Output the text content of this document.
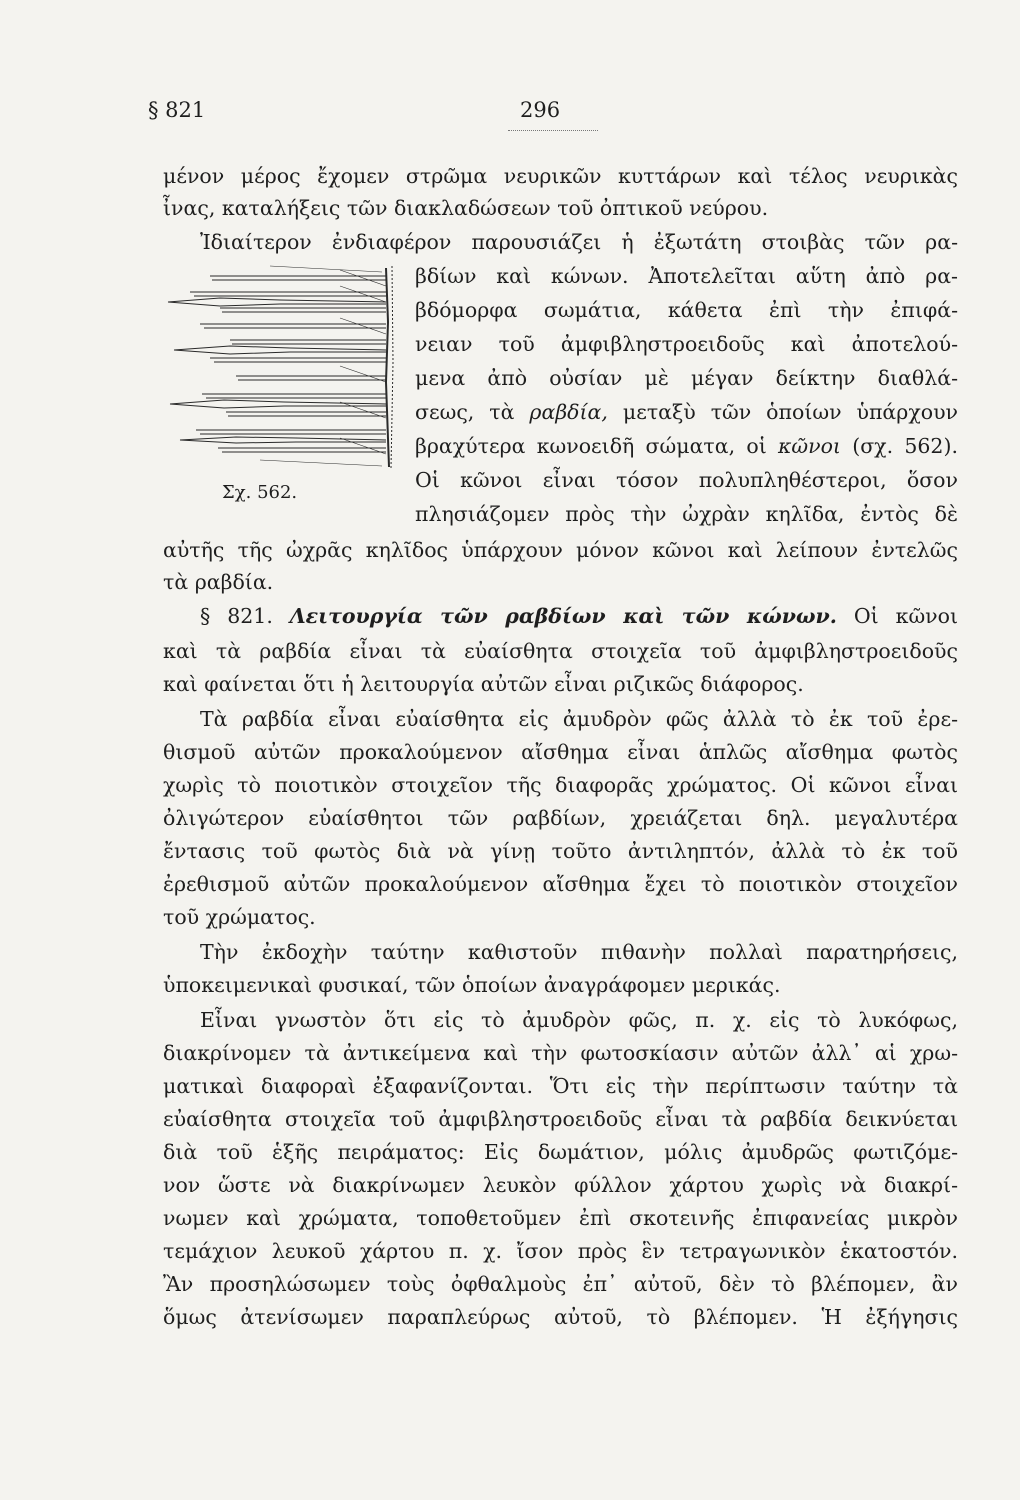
§ 821	296
μένον μέρος ἔχομεν στρῶμα νευρικῶν κυττάρων καὶ τέλος νευρικὰς
ἶνας, καταλήξεις τῶν διακλαδώσεων τοῦ ὀπτικοῦ νεύρου.
Ἰδιαίτερον ἐνδιαφέρον παρουσιάζει ἡ ἐξωτάτη στοιβὰς τῶν ρα-
βδίων καὶ κώνων. Ἀποτελεῖται αὕτη ἀπὸ ρα-
βδόμορφα σωμάτια, κάθετα ἐπὶ τὴν ἐπιφά-
νειαν τοῦ ἀμφιβληστροειδοῦς καὶ ἀποτελού-
μενα ἀπὸ οὐσίαν μὲ μέγαν δείκτην διαθλά-
σεως, τὰ ραβδία, μεταξὺ τῶν ὁποίων ὑπάρχουν
βραχύτερα κωνοειδῆ σώματα, οἱ κῶνοι (σχ. 562).
Οἱ κῶνοι εἶναι τόσον πολυπληθέστεροι, ὅσον
πλησιάζομεν πρὸς τὴν ὠχρὰν κηλῖδα, ἐντὸς δὲ
αὐτῆς τῆς ὠχρᾶς κηλῖδος ὑπάρχουν μόνον κῶνοι καὶ λείπουν ἐντελῶς
τὰ ραβδία.
§ 821. Λειτουργία τῶν ραβδίων καὶ τῶν κώνων. Οἱ κῶνοι
καὶ τὰ ραβδία εἶναι τὰ εὐαίσθητα στοιχεῖα τοῦ ἀμφιβληστροειδοῦς
καὶ φαίνεται ὅτι ἡ λειτουργία αὐτῶν εἶναι ριζικῶς διάφορος.
Τὰ ραβδία εἶναι εὐαίσθητα εἰς ἀμυδρὸν φῶς ἀλλὰ τὸ ἐκ τοῦ ἐρε-
θισμοῦ αὐτῶν προκαλούμενον αἴσθημα εἶναι ἁπλῶς αἴσθημα φωτὸς
χωρὶς τὸ ποιοτικὸν στοιχεῖον τῆς διαφορᾶς χρώματος. Οἱ κῶνοι εἶναι
ὀλιγώτερον εὐαίσθητοι τῶν ραβδίων, χρειάζεται δηλ. μεγαλυτέρα
ἔντασις τοῦ φωτὸς διὰ νὰ γίνῃ τοῦτο ἀντιληπτόν, ἀλλὰ τὸ ἐκ τοῦ
ἐρεθισμοῦ αὐτῶν προκαλούμενον αἴσθημα ἔχει τὸ ποιοτικὸν στοιχεῖον
τοῦ χρώματος.
Τὴν ἐκδοχὴν ταύτην καθιστοῦν πιθανὴν πολλαὶ παρατηρήσεις,
ὑποκειμενικαὶ φυσικαί, τῶν ὁποίων ἀναγράφομεν μερικάς.
Εἶναι γνωστὸν ὅτι εἰς τὸ ἀμυδρὸν φῶς, π. χ. εἰς τὸ λυκόφως,
διακρίνομεν τὰ ἀντικείμενα καὶ τὴν φωτοσκίασιν αὐτῶν ἀλλ᾽ αἱ χρω-
ματικαὶ διαφοραὶ ἐξαφανίζονται. Ὅτι εἰς τὴν περίπτωσιν ταύτην τὰ
εὐαίσθητα στοιχεῖα τοῦ ἀμφιβληστροειδοῦς εἶναι τὰ ραβδία δεικνύεται
διὰ τοῦ ἑξῆς πειράματος: Εἰς δωμάτιον, μόλις ἀμυδρῶς φωτιζόμε-
νον ὥστε νὰ διακρίνωμεν λευκὸν φύλλον χάρτου χωρὶς νὰ διακρί-
νωμεν καὶ χρώματα, τοποθετοῦμεν ἐπὶ σκοτεινῆς ἐπιφανείας μικρὸν
τεμάχιον λευκοῦ χάρτου π. χ. ἴσον πρὸς ἓν τετραγωνικὸν ἑκατοστόν.
Ἂν προσηλώσωμεν τοὺς ὀφθαλμοὺς ἐπ᾽ αὐτοῦ, δὲν τὸ βλέπομεν, ἂν
ὅμως ἀτενίσωμεν παραπλεύρως αὐτοῦ, τὸ βλέπομεν. Ἡ ἐξήγησις
Σχ. 562.
